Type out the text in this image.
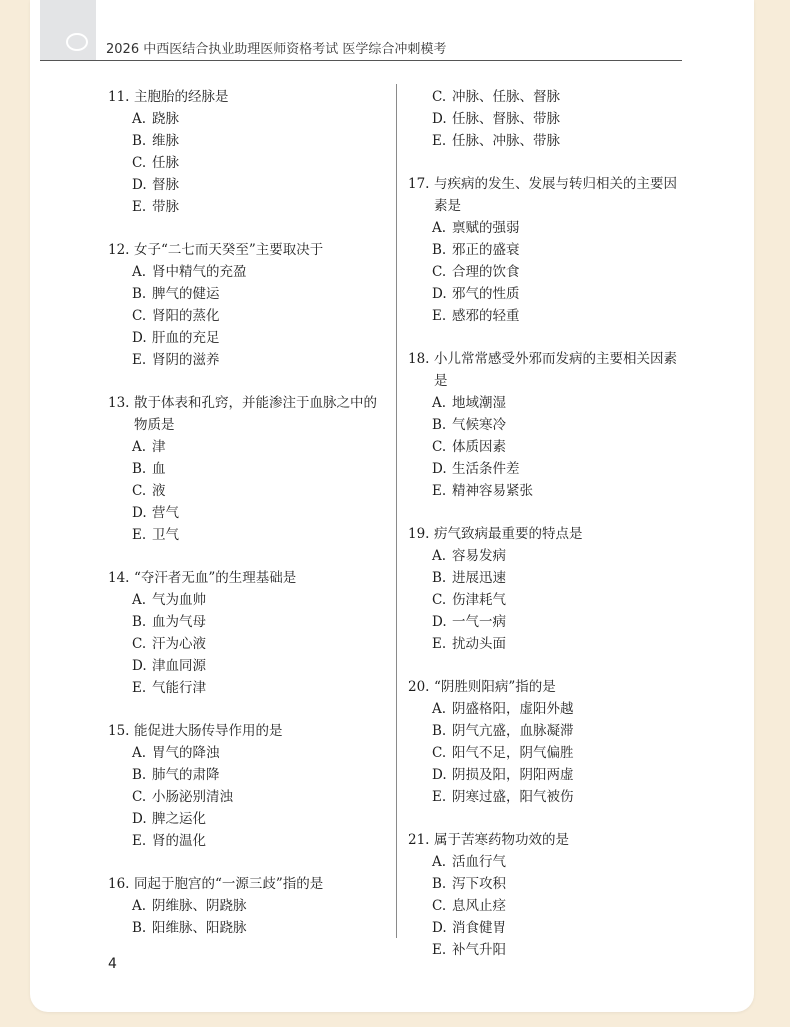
2026 中西医结合执业助理医师资格考试 医学综合冲刺模考
11. 主胞胎的经脉是
A. 跷脉
B. 维脉
C. 任脉
D. 督脉
E. 带脉
12. 女子“二七而天癸至”主要取决于
A. 肾中精气的充盈
B. 脾气的健运
C. 肾阳的蒸化
D. 肝血的充足
E. 肾阴的滋养
13. 散于体表和孔窍，并能渗注于血脉之中的物质是
A. 津
B. 血
C. 液
D. 营气
E. 卫气
14. “夺汗者无血”的生理基础是
A. 气为血帅
B. 血为气母
C. 汗为心液
D. 津血同源
E. 气能行津
15. 能促进大肠传导作用的是
A. 胃气的降浊
B. 肺气的肃降
C. 小肠泌别清浊
D. 脾之运化
E. 肾的温化
16. 同起于胞宫的“一源三歧”指的是
A. 阴维脉、阴跷脉
B. 阳维脉、阳跷脉
C. 冲脉、任脉、督脉
D. 任脉、督脉、带脉
E. 任脉、冲脉、带脉
17. 与疾病的发生、发展与转归相关的主要因素是
A. 禀赋的强弱
B. 邪正的盛衰
C. 合理的饮食
D. 邪气的性质
E. 感邪的轻重
18. 小儿常常感受外邪而发病的主要相关因素是
A. 地域潮湿
B. 气候寒冷
C. 体质因素
D. 生活条件差
E. 精神容易紧张
19. 疠气致病最重要的特点是
A. 容易发病
B. 进展迅速
C. 伤津耗气
D. 一气一病
E. 扰动头面
20. “阴胜则阳病”指的是
A. 阴盛格阳，虚阳外越
B. 阴气亢盛，血脉凝滞
C. 阳气不足，阴气偏胜
D. 阴损及阳，阴阳两虚
E. 阴寒过盛，阳气被伤
21. 属于苦寒药物功效的是
A. 活血行气
B. 泻下攻积
C. 息风止痉
D. 消食健胃
E. 补气升阳
4
